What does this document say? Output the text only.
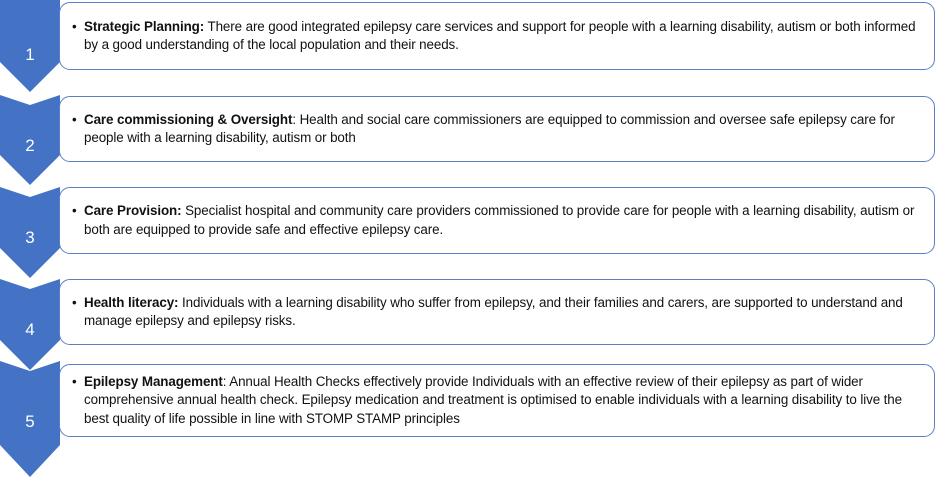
1
2
3
4
5
• Strategic Planning: There are good integrated epilepsy care services and support for people with a learning disability, autism or both informed by a good understanding of the local population and their needs.
• Care commissioning & Oversight: Health and social care commissioners are equipped to commission and oversee safe epilepsy care for people with a learning disability, autism or both
• Care Provision: Specialist hospital and community care providers commissioned to provide care for people with a learning disability, autism or both are equipped to provide safe and effective epilepsy care.
• Health literacy: Individuals with a learning disability who suffer from epilepsy, and their families and carers, are supported to understand and manage epilepsy and epilepsy risks.
• Epilepsy Management: Annual Health Checks effectively provide Individuals with an effective review of their epilepsy as part of wider comprehensive annual health check. Epilepsy medication and treatment is optimised to enable individuals with a learning disability to live the best quality of life possible in line with STOMP STAMP principles
